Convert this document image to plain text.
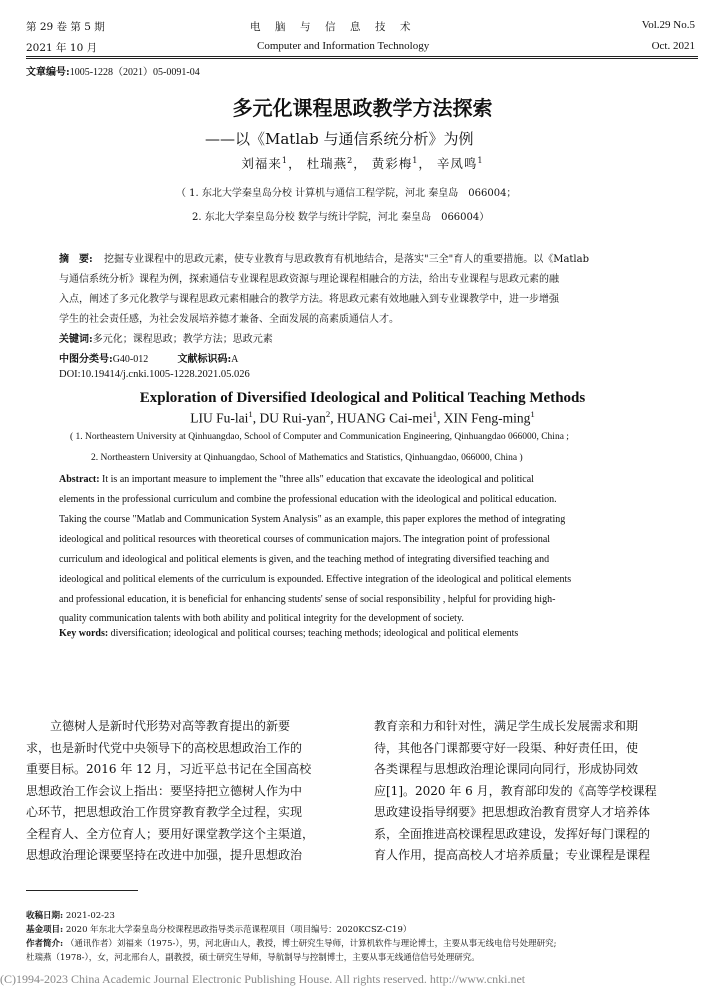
第 29 卷 第 5 期
2021 年 10 月
电　脑　与　信　息　技　术
Computer and Information Technology
Vol.29 No.5
Oct. 2021
文章编号:1005-1228（2021）05-0091-04
多元化课程思政教学方法探索
——以《Matlab 与通信系统分析》为例
刘福来$^1$， 杜瑞燕$^2$， 黄彩梅$^1$， 辛凤鸣$^1$
（ 1. 东北大学秦皇岛分校 计算机与通信工程学院，河北 秦皇岛　066004；
2. 东北大学秦皇岛分校 数学与统计学院，河北 秦皇岛　066004）
摘　要: 挖掘专业课程中的思政元素，使专业教育与思政教育有机地结合，是落实"三全"育人的重要措施。以《Matlab
与通信系统分析》课程为例，探索通信专业课程思政资源与理论课程相融合的方法，给出专业课程与思政元素的融
入点，阐述了多元化教学与课程思政元素相融合的教学方法。将思政元素有效地融入到专业课教学中，进一步增强
学生的社会责任感，为社会发展培养德才兼备、全面发展的高素质通信人才。
关键词:多元化；课程思政；教学方法；思政元素
中图分类号:G40-012	文献标识码:A
DOI:10.19414/j.cnki.1005-1228.2021.05.026
Exploration of Diversified Ideological and Political Teaching Methods
LIU Fu-lai$^1$, DU Rui-yan$^2$, HUANG Cai-mei$^1$, XIN Feng-ming$^1$
( 1. Northeastern University at Qinhuangdao, School of Computer and Communication Engineering, Qinhuangdao 066000, China ;
2. Northeastern University at Qinhuangdao, School of Mathematics and Statistics, Qinhuangdao, 066000, China )
Abstract: It is an important measure to implement the "three alls" education that excavate the ideological and political
elements in the professional curriculum and combine the professional education with the ideological and political education.
Taking the course "Matlab and Communication System Analysis" as an example, this paper explores the method of integrating
ideological and political resources with theoretical courses of communication majors. The integration point of professional
curriculum and ideological and political elements is given, and the teaching method of integrating diversified teaching and
ideological and political elements of the curriculum is expounded. Effective integration of the ideological and political elements
and professional education, it is beneficial for enhancing students' sense of social responsibility , helpful for providing high-
quality communication talents with both ability and political integrity for the development of society.
Key words: diversification; ideological and political courses; teaching methods; ideological and political elements
　　立德树人是新时代形势对高等教育提出的新要
求，也是新时代党中央领导下的高校思想政治工作的
重要目标。2016 年 12 月，习近平总书记在全国高校
思想政治工作会议上指出：要坚持把立德树人作为中
心环节，把思想政治工作贯穿教育教学全过程，实现
全程育人、全方位育人；要用好课堂教学这个主渠道，
思想政治理论课要坚持在改进中加强，提升思想政治
教育亲和力和针对性，满足学生成长发展需求和期
待，其他各门课都要守好一段渠、种好责任田，使
各类课程与思想政治理论课同向同行，形成协同效
应[1]。2020 年 6 月，教育部印发的《高等学校课程
思政建设指导纲要》把思想政治教育贯穿人才培养体
系，全面推进高校课程思政建设，发挥好每门课程的
育人作用，提高高校人才培养质量；专业课程是课程
收稿日期: 2021-02-23
基金项目: 2020 年东北大学秦皇岛分校课程思政指导类示范课程项目（项目编号：2020KCSZ-C19）
作者简介: （通讯作者）刘福来（1975-），男，河北唐山人，教授，博士研究生导师，计算机软件与理论博士，主要从事无线电信号处理研究;
杜瑞燕（1978-），女，河北邢台人，副教授，硕士研究生导师，导航制导与控制博士，主要从事无线通信信号处理研究。
(C)1994-2023 China Academic Journal Electronic Publishing House. All rights reserved. http://www.cnki.net
